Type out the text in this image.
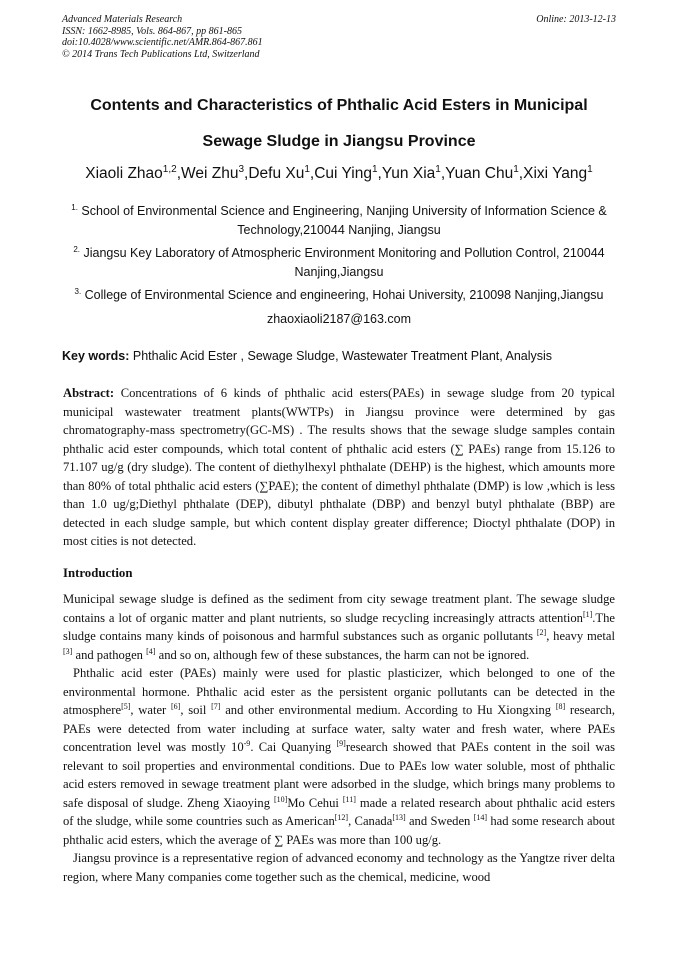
Advanced Materials Research
ISSN: 1662-8985, Vols. 864-867, pp 861-865
doi:10.4028/www.scientific.net/AMR.864-867.861
© 2014 Trans Tech Publications Ltd, Switzerland
Online: 2013-12-13
Contents and Characteristics of Phthalic Acid Esters in Municipal
Sewage Sludge in Jiangsu Province
Xiaoli Zhao$^{1,2}$,Wei Zhu$^3$,Defu Xu$^1$,Cui Ying$^1$,Yun Xia$^1$,Yuan Chu$^1$,Xixi Yang$^1$
$^{1.}$ School of Environmental Science and Engineering, Nanjing University of Information Science &
Technology,210044 Nanjing, Jiangsu
$^{2.}$ Jiangsu Key Laboratory of Atmospheric Environment Monitoring and Pollution Control, 210044
Nanjing,Jiangsu
$^{3.}$ College of Environmental Science and engineering, Hohai University, 210098 Nanjing,Jiangsu
zhaoxiaoli2187@163.com
Key words: Phthalic Acid Ester , Sewage Sludge, Wastewater Treatment Plant, Analysis

Abstract: Concentrations of 6 kinds of phthalic acid esters(PAEs) in sewage sludge from 20 typical municipal wastewater treatment plants(WWTPs) in Jiangsu province were determined by gas chromatography-mass spectrometry(GC-MS) . The results shows that the sewage sludge samples contain phthalic acid ester compounds, which total content of phthalic acid esters (∑ PAEs) range from 15.126 to 71.107 ug/g (dry sludge). The content of diethylhexyl phthalate (DEHP) is the highest, which amounts more than 80% of total phthalic acid esters (∑PAE); the content of dimethyl phthalate (DMP) is low ,which is less than 1.0 ug/g;Diethyl phthalate (DEP), dibutyl phthalate (DBP) and benzyl butyl phthalate (BBP) are detected in each sludge sample, but which content display greater difference; Dioctyl phthalate (DOP) in most cities is not detected.

Introduction

Municipal sewage sludge is defined as the sediment from city sewage treatment plant. The sewage sludge contains a lot of organic matter and plant nutrients, so sludge recycling increasingly attracts attention[1].The sludge contains many kinds of poisonous and harmful substances such as organic pollutants [2], heavy metal [3] and pathogen [4] and so on, although few of these substances, the harm can not be ignored.

Phthalic acid ester (PAEs) mainly were used for plastic plasticizer, which belonged to one of the environmental hormone. Phthalic acid ester as the persistent organic pollutants can be detected in the atmosphere[5], water [6], soil [7] and other environmental medium. According to Hu Xiongxing [8] research, PAEs were detected from water including at surface water, salty water and fresh water, where PAEs concentration level was mostly $10^{-9}$. Cai Quanying [9]research showed that PAEs content in the soil was relevant to soil properties and environmental conditions. Due to PAEs low water soluble, most of phthalic acid esters removed in sewage treatment plant were adsorbed in the sludge, which brings many problems to safe disposal of sludge. Zheng Xiaoying [10]Mo Cehui [11] made a related research about phthalic acid esters of the sludge, while some countries such as American[12], Canada[13] and Sweden [14] had some research about phthalic acid esters, which the average of ∑ PAEs was more than 100 ug/g.

Jiangsu province is a representative region of advanced economy and technology as the Yangtze river delta region, where Many companies come together such as the chemical, medicine, wood
